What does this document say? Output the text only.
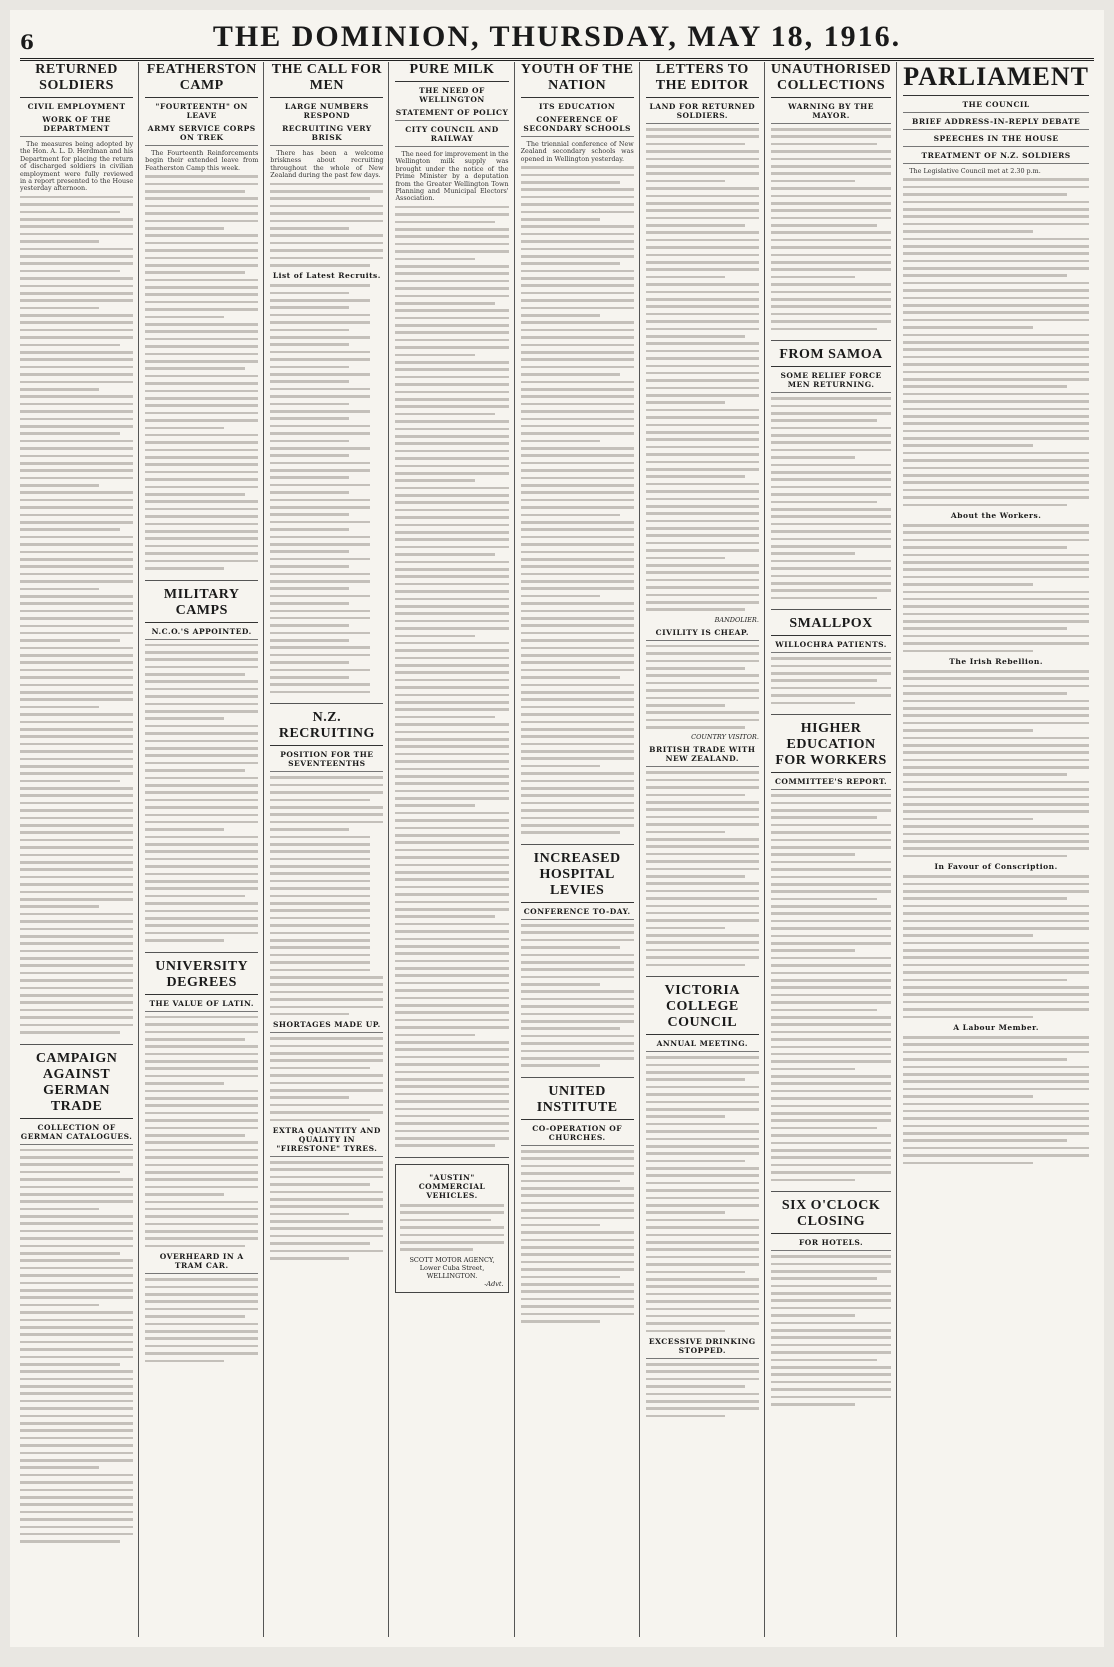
6	THE DOMINION, THURSDAY, MAY 18, 1916.
RETURNED SOLDIERS
CIVIL EMPLOYMENT
WORK OF THE DEPARTMENT

The measures being adopted by the Hon. A. L. D. Herdman and his Department for placing the return of discharged soldiers in civilian employment were fully reviewed in a report presented to the House yesterday afternoon.

CAMPAIGN AGAINST GERMAN TRADE
COLLECTION OF GERMAN CATALOGUES.
FEATHERSTON CAMP
"FOURTEENTH" ON LEAVE
ARMY SERVICE CORPS ON TREK

The Fourteenth Reinforcements begin their extended leave from Featherston Camp this week.

MILITARY CAMPS
N.C.O.'S APPOINTED.
UNIVERSITY DEGREES
THE VALUE OF LATIN.
OVERHEARD IN A TRAM CAR.
THE CALL FOR MEN
LARGE NUMBERS RESPOND
RECRUITING VERY BRISK

There has been a welcome briskness about recruiting throughout the whole of New Zealand during the past few days.

List of Latest Recruits.
N.Z. RECRUITING
POSITION FOR THE SEVENTEENTHS
SHORTAGES MADE UP.
EXTRA QUANTITY AND QUALITY IN "FIRESTONE" TYRES.
PURE MILK
THE NEED OF WELLINGTON
STATEMENT OF POLICY
CITY COUNCIL AND RAILWAY

The need for improvement in the Wellington milk supply was brought under the notice of the Prime Minister by a deputation from the Greater Wellington Town Planning and Municipal Electors' Association.

"AUSTIN" COMMERCIAL VEHICLES.
SCOTT MOTOR AGENCY,
Lower Cuba Street, WELLINGTON.
-Advt.
YOUTH OF THE NATION
ITS EDUCATION
CONFERENCE OF SECONDARY SCHOOLS

The triennial conference of New Zealand secondary schools was opened in Wellington yesterday.

INCREASED HOSPITAL LEVIES
CONFERENCE TO-DAY.
UNITED INSTITUTE
CO-OPERATION OF CHURCHES.
LETTERS TO THE EDITOR
LAND FOR RETURNED SOLDIERS.
BANDOLIER.
CIVILITY IS CHEAP.
COUNTRY VISITOR.
BRITISH TRADE WITH NEW ZEALAND.
VICTORIA COLLEGE COUNCIL
ANNUAL MEETING.
EXCESSIVE DRINKING STOPPED.
UNAUTHORISED COLLECTIONS
WARNING BY THE MAYOR.
FROM SAMOA
SOME RELIEF FORCE MEN RETURNING.
SMALLPOX
WILLOCHRA PATIENTS.
HIGHER EDUCATION FOR WORKERS
COMMITTEE'S REPORT.
SIX O'CLOCK CLOSING
FOR HOTELS.
PARLIAMENT
THE COUNCIL
BRIEF ADDRESS-IN-REPLY DEBATE
SPEECHES IN THE HOUSE
TREATMENT OF N.Z. SOLDIERS

The Legislative Council met at 2.30 p.m.

About the Workers.
The Irish Rebellion.
In Favour of Conscription.
A Labour Member.
